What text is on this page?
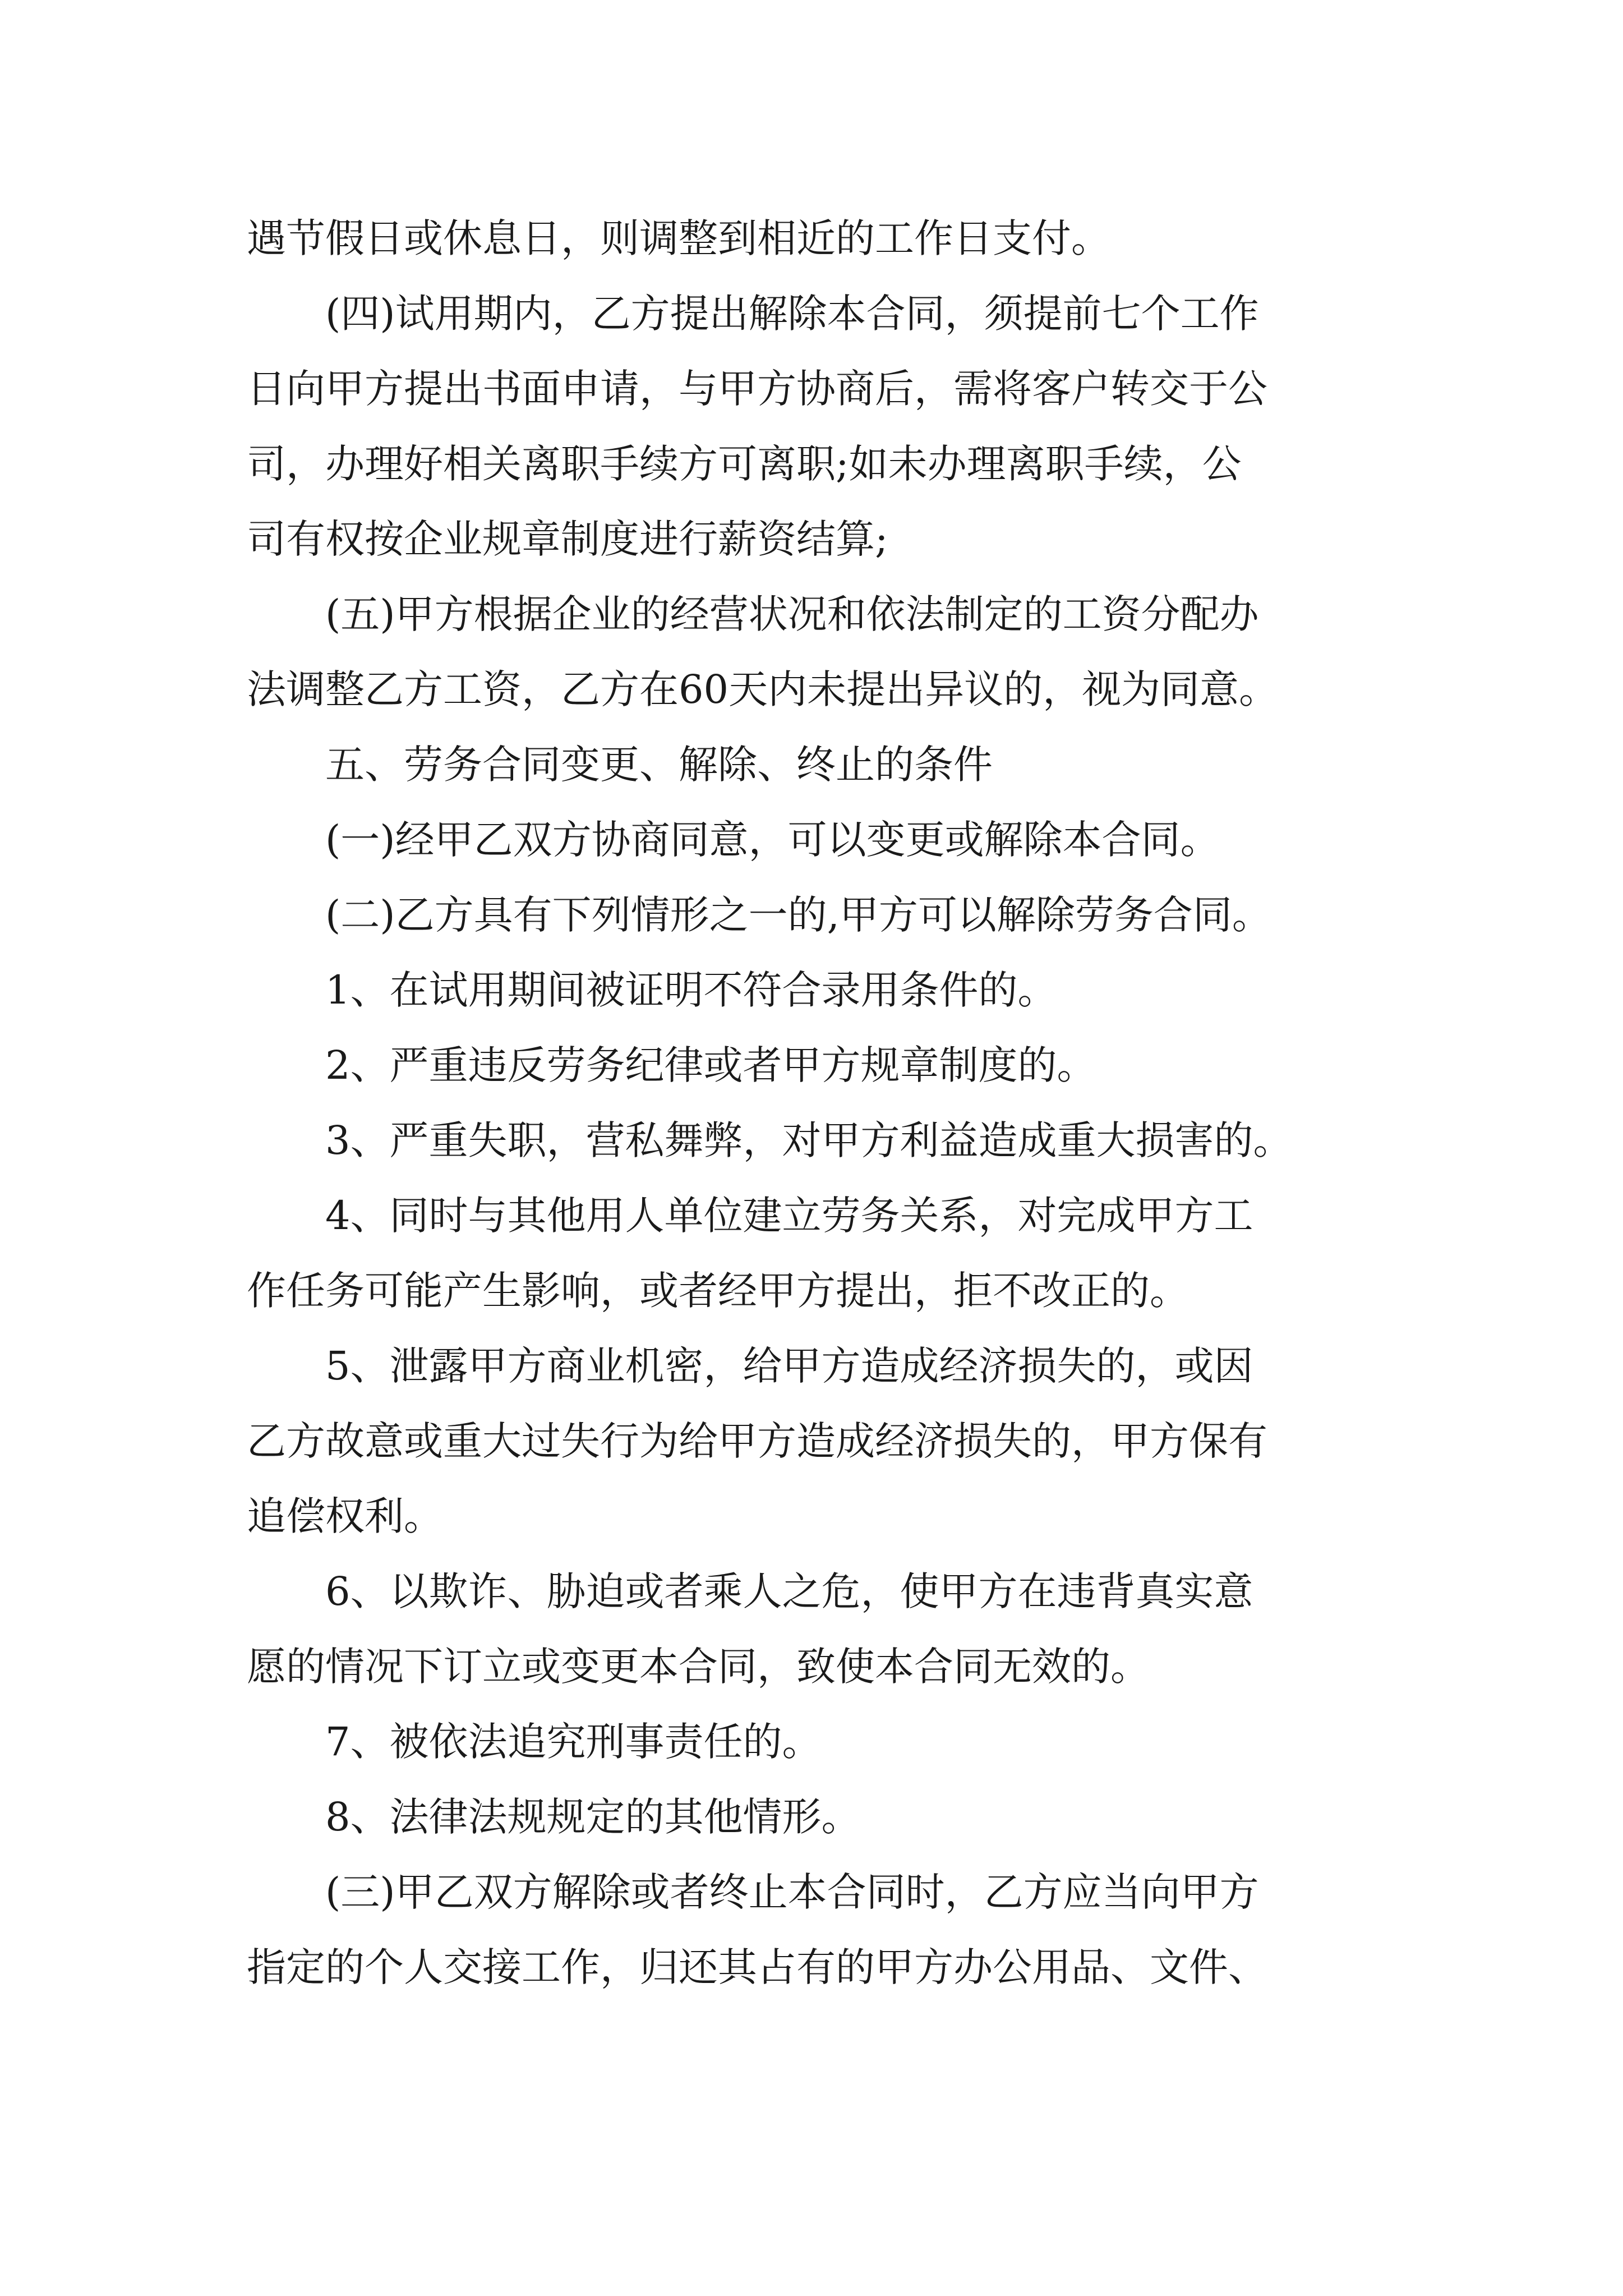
遇节假日或休息日，则调整到相近的工作日支付。
(四)试用期内，乙方提出解除本合同，须提前七个工作
日向甲方提出书面申请，与甲方协商后，需将客户转交于公
司，办理好相关离职手续方可离职;如未办理离职手续，公
司有权按企业规章制度进行薪资结算;
(五)甲方根据企业的经营状况和依法制定的工资分配办
法调整乙方工资，乙方在60天内未提出异议的，视为同意。
五、劳务合同变更、解除、终止的条件
(一)经甲乙双方协商同意，可以变更或解除本合同。
(二)乙方具有下列情形之一的,甲方可以解除劳务合同。
1、在试用期间被证明不符合录用条件的。
2、严重违反劳务纪律或者甲方规章制度的。
3、严重失职，营私舞弊，对甲方利益造成重大损害的。
4、同时与其他用人单位建立劳务关系，对完成甲方工
作任务可能产生影响，或者经甲方提出，拒不改正的。
5、泄露甲方商业机密，给甲方造成经济损失的，或因
乙方故意或重大过失行为给甲方造成经济损失的，甲方保有
追偿权利。
6、以欺诈、胁迫或者乘人之危，使甲方在违背真实意
愿的情况下订立或变更本合同，致使本合同无效的。
7、被依法追究刑事责任的。
8、法律法规规定的其他情形。
(三)甲乙双方解除或者终止本合同时，乙方应当向甲方
指定的个人交接工作，归还其占有的甲方办公用品、文件、
